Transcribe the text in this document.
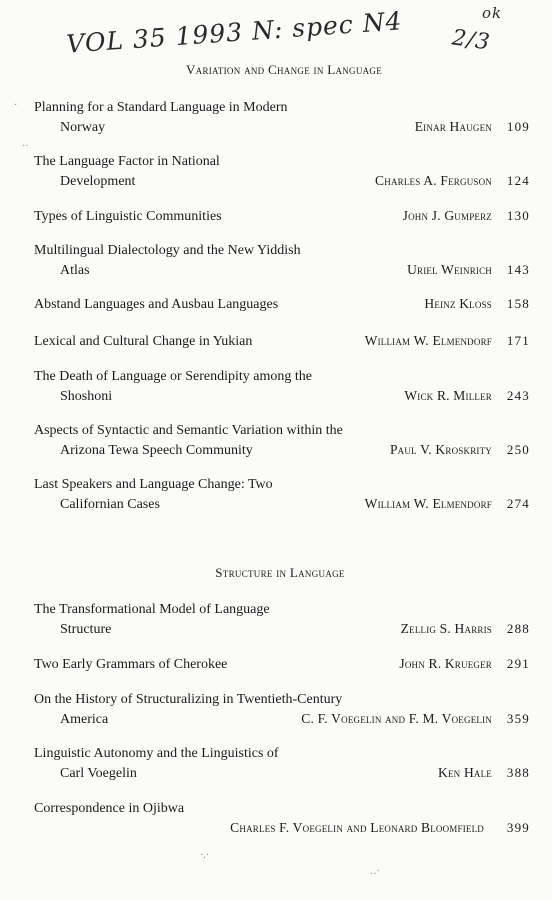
VOL 35 1993 N: spec N4	ok
2/3
·
‥
·.·
‥·
Variation and Change in Language
Planning for a Standard Language in Modern
Norway	Einar Haugen	109
The Language Factor in National
Development	Charles A. Ferguson	124
Types of Linguistic Communities	John J. Gumperz	130
Multilingual Dialectology and the New Yiddish
Atlas	Uriel Weinrich	143
Abstand Languages and Ausbau Languages	Heinz Kloss	158
Lexical and Cultural Change in Yukian	William W. Elmendorf	171
The Death of Language or Serendipity among the
Shoshoni	Wick R. Miller	243
Aspects of Syntactic and Semantic Variation within the
Arizona Tewa Speech Community	Paul V. Kroskrity	250
Last Speakers and Language Change: Two
Californian Cases	William W. Elmendorf	274
Structure in Language
The Transformational Model of Language
Structure	Zellig S. Harris	288
Two Early Grammars of Cherokee	John R. Krueger	291
On the History of Structuralizing in Twentieth-Century
America	C. F. Voegelin and F. M. Voegelin	359
Linguistic Autonomy and the Linguistics of
Carl Voegelin	Ken Hale	388
Correspondence in Ojibwa
Charles F. Voegelin and Leonard Bloomfield	399
